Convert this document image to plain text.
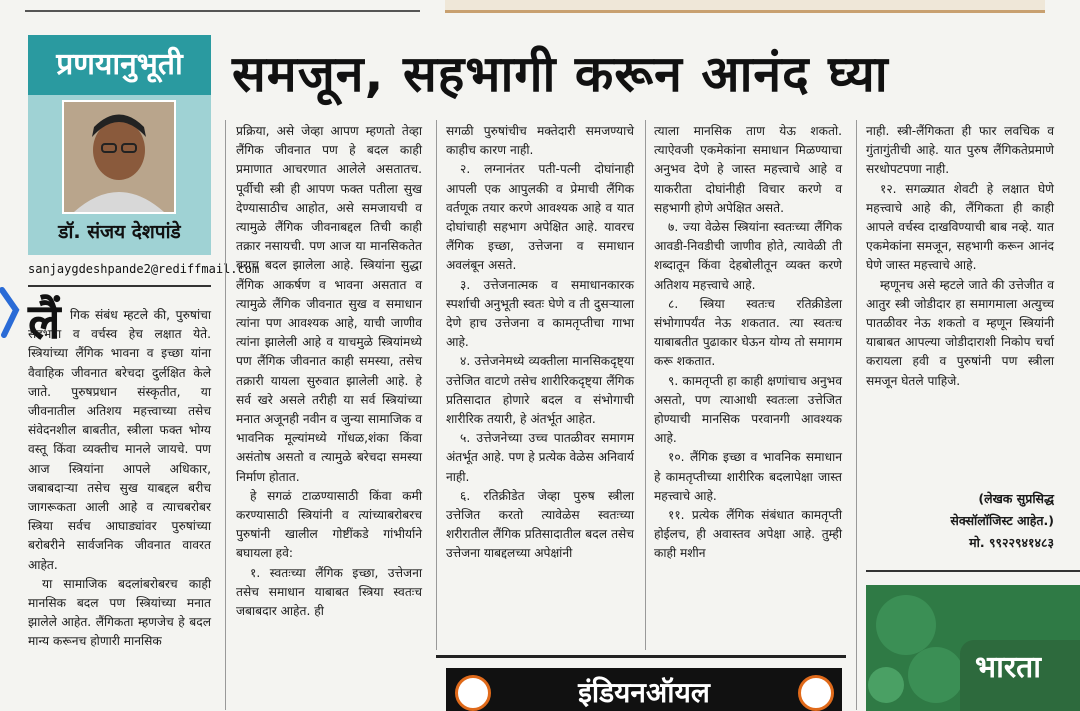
प्रणयानुभूती
डॉ. संजय देशपांडे
sanjaygdeshpande2@rediffmail.com
लैं
समजून, सहभागी करून आनंद घ्या

गिक संबंध म्हटले की, पुरुषांचा सहभाग व वर्चस्व हेच लक्षात येते. स्त्रियांच्या लैंगिक भावना व इच्छा यांना वैवाहिक जीवनात बरेचदा दुर्लक्षित केले जाते. पुरुषप्रधान संस्कृतीत, या जीवनातील अतिशय महत्त्वाच्या तसेच संवेदनशील बाबतीत, स्त्रीला फक्त भोग्य वस्तू किंवा व्यक्तीच मानले जायचे. पण आज स्त्रियांना आपले अधिकार, जबाबदाऱ्या तसेच सुख याबद्दल बरीच जागरूकता आली आहे व त्याचबरोबर स्त्रिया सर्वच आघाड्यांवर पुरुषांच्या बरोबरीने सार्वजनिक जीवनात वावरत आहेत.

या सामाजिक बदलांबरोबरच काही मानसिक बदल पण स्त्रियांच्या मनात झालेले आहेत. लैंगिकता म्हणजेच हे बदल मान्य करूनच होणारी मानसिक

प्रक्रिया, असे जेव्हा आपण म्हणतो तेव्हा लैंगिक जीवनात पण हे बदल काही प्रमाणात आचरणात आलेले असतातच. पूर्वीची स्त्री ही आपण फक्त पतीला सुख देण्यासाठीच आहोत, असे समजायची व त्यामुळे लैंगिक जीवनाबद्दल तिची काही तक्रार नसायची. पण आज या मानसिकतेत बराच बदल झालेला आहे. स्त्रियांना सुद्धा लैंगिक आकर्षण व भावना असतात व त्यामुळे लैंगिक जीवनात सुख व समाधान त्यांना पण आवश्यक आहे, याची जाणीव त्यांना झालेली आहे व याचमुळे स्त्रियांमध्ये पण लैंगिक जीवनात काही समस्या, तसेच तक्रारी यायला सुरुवात झालेली आहे. हे सर्व खरे असले तरीही या सर्व स्त्रियांच्या मनात अजूनही नवीन व जुन्या सामाजिक व भावनिक मूल्यांमध्ये गोंधळ,शंका किंवा असंतोष असतो व त्यामुळे बरेचदा समस्या निर्माण होतात.

हे सगळं टाळण्यासाठी किंवा कमी करण्यासाठी स्त्रियांनी व त्यांच्याबरोबरच पुरुषांनी खालील गोष्टींकडे गांभीर्याने बघायला हवे:

१. स्वतःच्या लैंगिक इच्छा, उत्तेजना तसेच समाधान याबाबत स्त्रिया स्वतःच जबाबदार आहेत. ही

सगळी पुरुषांचीच मक्तेदारी समजण्याचे काहीच कारण नाही.

२. लग्नानंतर पती-पत्नी दोघांनाही आपली एक आपुलकी व प्रेमाची लैंगिक वर्तणूक तयार करणे आवश्यक आहे व यात दोघांचाही सहभाग अपेक्षित आहे. यावरच लैंगिक इच्छा, उत्तेजना व समाधान अवलंबून असते.

३. उत्तेजनात्मक व समाधानकारक स्पर्शाची अनुभूती स्वतः घेणे व ती दुसऱ्याला देणे हाच उत्तेजना व कामतृप्तीचा गाभा आहे.

४. उत्तेजनेमध्ये व्यक्तीला मानसिकदृष्ट्या उत्तेजित वाटणे तसेच शारीरिकदृष्ट्या लैंगिक प्रतिसादात होणारे बदल व संभोगाची शारीरिक तयारी, हे अंतर्भूत आहेत.

५. उत्तेजनेच्या उच्च पातळीवर समागम अंतर्भूत आहे. पण हे प्रत्येक वेळेस अनिवार्य नाही.

६. रतिक्रीडेत जेव्हा पुरुष स्त्रीला उत्तेजित करतो त्यावेळेस स्वतःच्या शरीरातील लैंगिक प्रतिसादातील बदल तसेच उत्तेजना याबद्दलच्या अपेक्षांनी

त्याला मानसिक ताण येऊ शकतो. त्याऐवजी एकमेकांना समाधान मिळण्याचा अनुभव देणे हे जास्त महत्त्वाचे आहे व याकरीता दोघांनीही विचार करणे व सहभागी होणे अपेक्षित असते.

७. ज्या वेळेस स्त्रियांना स्वतःच्या लैंगिक आवडी-निवडीची जाणीव होते, त्यावेळी ती शब्दातून किंवा देहबोलीतून व्यक्त करणे अतिशय महत्त्वाचे आहे.

८. स्त्रिया स्वतःच रतिक्रीडेला संभोगापर्यंत नेऊ शकतात. त्या स्वतःच याबाबतीत पुढाकार घेऊन योग्य तो समागम करू शकतात.

९. कामतृप्ती हा काही क्षणांचाच अनुभव असतो, पण त्याआधी स्वतःला उत्तेजित होण्याची मानसिक परवानगी आवश्यक आहे.

१०. लैंगिक इच्छा व भावनिक समाधान हे कामतृप्तीच्या शारीरिक बदलापेक्षा जास्त महत्त्वाचे आहे.

११. प्रत्येक लैंगिक संबंधात कामतृप्ती होईलच, ही अवास्तव अपेक्षा आहे. तुम्ही काही मशीन

नाही. स्त्री-लैंगिकता ही फार लवचिक व गुंतागुंतीची आहे. यात पुरुष लैंगिकतेप्रमाणे सरधोपटपणा नाही.

१२. सगळ्यात शेवटी हे लक्षात घेणे महत्त्वाचे आहे की, लैंगिकता ही काही आपले वर्चस्व दाखविण्याची बाब नव्हे. यात एकमेकांना समजून, सहभागी करून आनंद घेणे जास्त महत्त्वाचे आहे.

म्हणूनच असे म्हटले जाते की उत्तेजीत व आतुर स्त्री जोडीदार हा समागमाला अत्युच्च पातळीवर नेऊ शकतो व म्हणून स्त्रियांनी याबाबत आपल्या जोडीदाराशी निकोप चर्चा करायला हवी व पुरुषांनी पण स्त्रीला समजून घेतले पाहिजे.

(लेखक सुप्रसिद्ध
सेक्सॉलॉजिस्ट आहेत.)
मो. ९९२२९४१४८३
इंडियनऑयल
भारता
